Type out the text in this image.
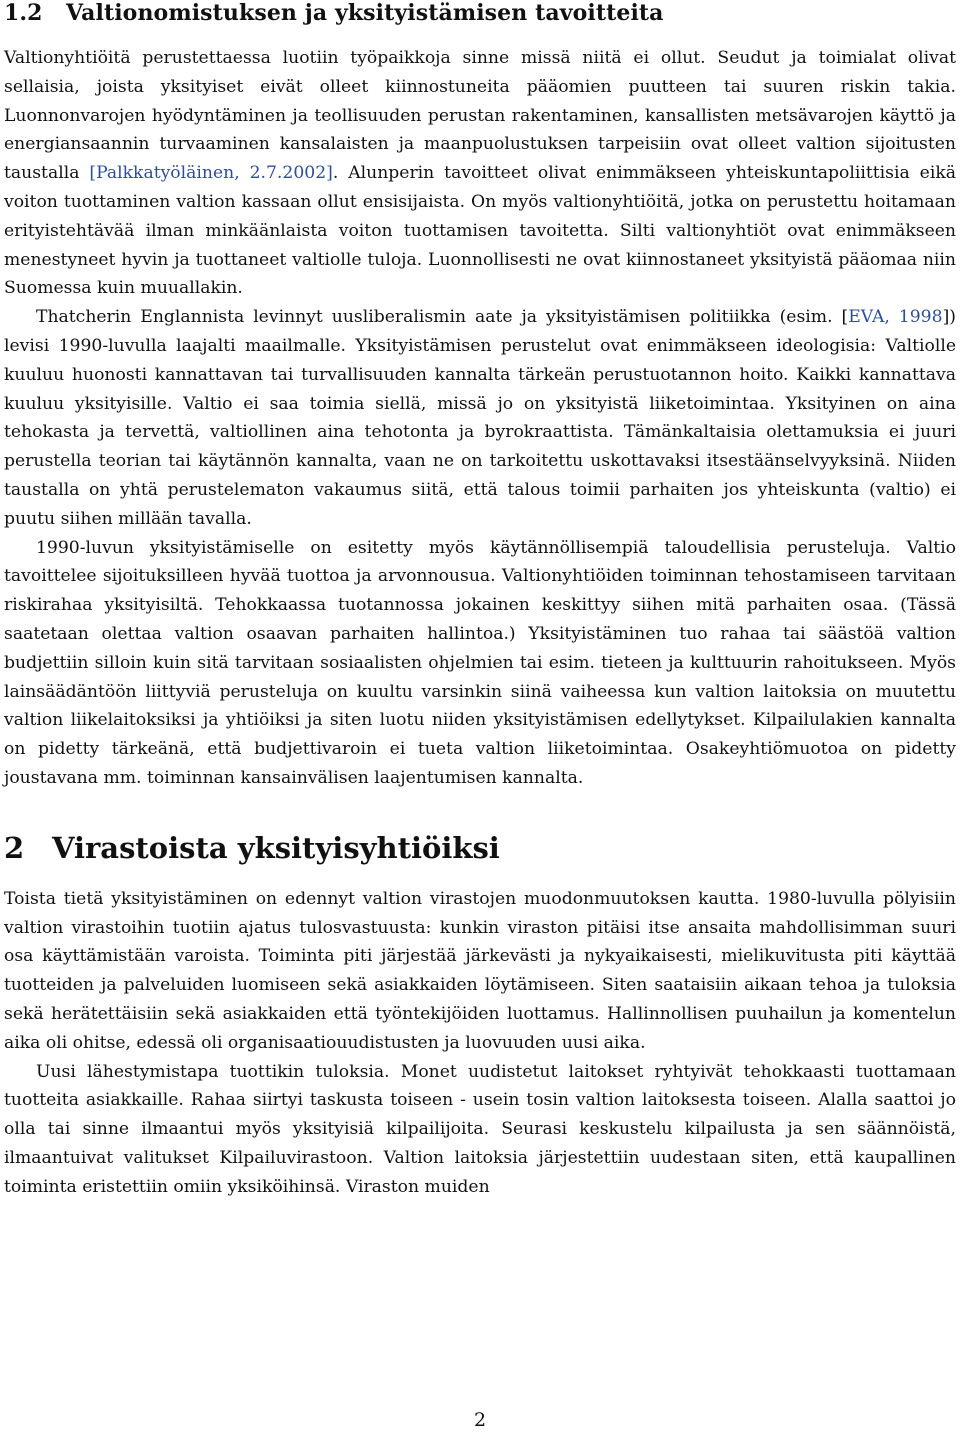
1.2 Valtionomistuksen ja yksityistämisen tavoitteita

Valtionyhtiöitä perustettaessa luotiin työpaikkoja sinne missä niitä ei ollut. Seudut ja toimialat olivat sellaisia, joista yksityiset eivät olleet kiinnostuneita pääomien puutteen tai suuren riskin takia. Luonnonvarojen hyödyntäminen ja teollisuuden perustan rakentaminen, kansallisten metsävarojen käyttö ja energiansaannin turvaaminen kansalaisten ja maanpuolustuksen tarpeisiin ovat olleet valtion sijoitusten taustalla [Palkkatyöläinen, 2.7.2002]. Alunperin tavoitteet olivat enimmäkseen yhteiskuntapoliittisia eikä voiton tuottaminen valtion kassaan ollut ensisijaista. On myös valtionyhtiöitä, jotka on perustettu hoitamaan erityistehtävää ilman minkäänlaista voiton tuottamisen tavoitetta. Silti valtionyhtiöt ovat enimmäkseen menestyneet hyvin ja tuottaneet valtiolle tuloja. Luonnollisesti ne ovat kiinnostaneet yksityistä pääomaa niin Suomessa kuin muuallakin.

Thatcherin Englannista levinnyt uusliberalismin aate ja yksityistämisen politiikka (esim. [EVA, 1998]) levisi 1990-luvulla laajalti maailmalle. Yksityistämisen perustelut ovat enimmäkseen ideologisia: Valtiolle kuuluu huonosti kannattavan tai turvallisuuden kannalta tärkeän perustuotannon hoito. Kaikki kannattava kuuluu yksityisille. Valtio ei saa toimia siellä, missä jo on yksityistä liiketoimintaa. Yksityinen on aina tehokasta ja tervettä, valtiollinen aina tehotonta ja byrokraattista. Tämänkaltaisia olettamuksia ei juuri perustella teorian tai käytännön kannalta, vaan ne on tarkoitettu uskottavaksi itsestäänselvyyksinä. Niiden taustalla on yhtä perustelematon vakaumus siitä, että talous toimii parhaiten jos yhteiskunta (valtio) ei puutu siihen millään tavalla.

1990-luvun yksityistämiselle on esitetty myös käytännöllisempiä taloudellisia perusteluja. Valtio tavoittelee sijoituksilleen hyvää tuottoa ja arvonnousua. Valtionyhtiöiden toiminnan tehostamiseen tarvitaan riskirahaa yksityisiltä. Tehokkaassa tuotannossa jokainen keskittyy siihen mitä parhaiten osaa. (Tässä saatetaan olettaa valtion osaavan parhaiten hallintoa.) Yksityistäminen tuo rahaa tai säästöä valtion budjettiin silloin kuin sitä tarvitaan sosiaalisten ohjelmien tai esim. tieteen ja kulttuurin rahoitukseen. Myös lainsäädäntöön liittyviä perusteluja on kuultu varsinkin siinä vaiheessa kun valtion laitoksia on muutettu valtion liikelaitoksiksi ja yhtiöiksi ja siten luotu niiden yksityistämisen edellytykset. Kilpailulakien kannalta on pidetty tärkeänä, että budjettivaroin ei tueta valtion liiketoimintaa. Osakeyhtiömuotoa on pidetty joustavana mm. toiminnan kansainvälisen laajentumisen kannalta.

2 Virastoista yksityisyhtiöiksi

Toista tietä yksityistäminen on edennyt valtion virastojen muodonmuutoksen kautta. 1980-luvulla pölyisiin valtion virastoihin tuotiin ajatus tulosvastuusta: kunkin viraston pitäisi itse ansaita mahdollisimman suuri osa käyttämistään varoista. Toiminta piti järjestää järkevästi ja nykyaikaisesti, mielikuvitusta piti käyttää tuotteiden ja palveluiden luomiseen sekä asiakkaiden löytämiseen. Siten saataisiin aikaan tehoa ja tuloksia sekä herätettäisiin sekä asiakkaiden että työntekijöiden luottamus. Hallinnollisen puuhailun ja komentelun aika oli ohitse, edessä oli organisaatiouudistusten ja luovuuden uusi aika.

Uusi lähestymistapa tuottikin tuloksia. Monet uudistetut laitokset ryhtyivät tehokkaasti tuottamaan tuotteita asiakkaille. Rahaa siirtyi taskusta toiseen - usein tosin valtion laitoksesta toiseen. Alalla saattoi jo olla tai sinne ilmaantui myös yksityisiä kilpailijoita. Seurasi keskustelu kilpailusta ja sen säännöistä, ilmaantuivat valitukset Kilpailuvirastoon. Valtion laitoksia järjestettiin uudestaan siten, että kaupallinen toiminta eristettiin omiin yksiköihinsä. Viraston muiden

2
